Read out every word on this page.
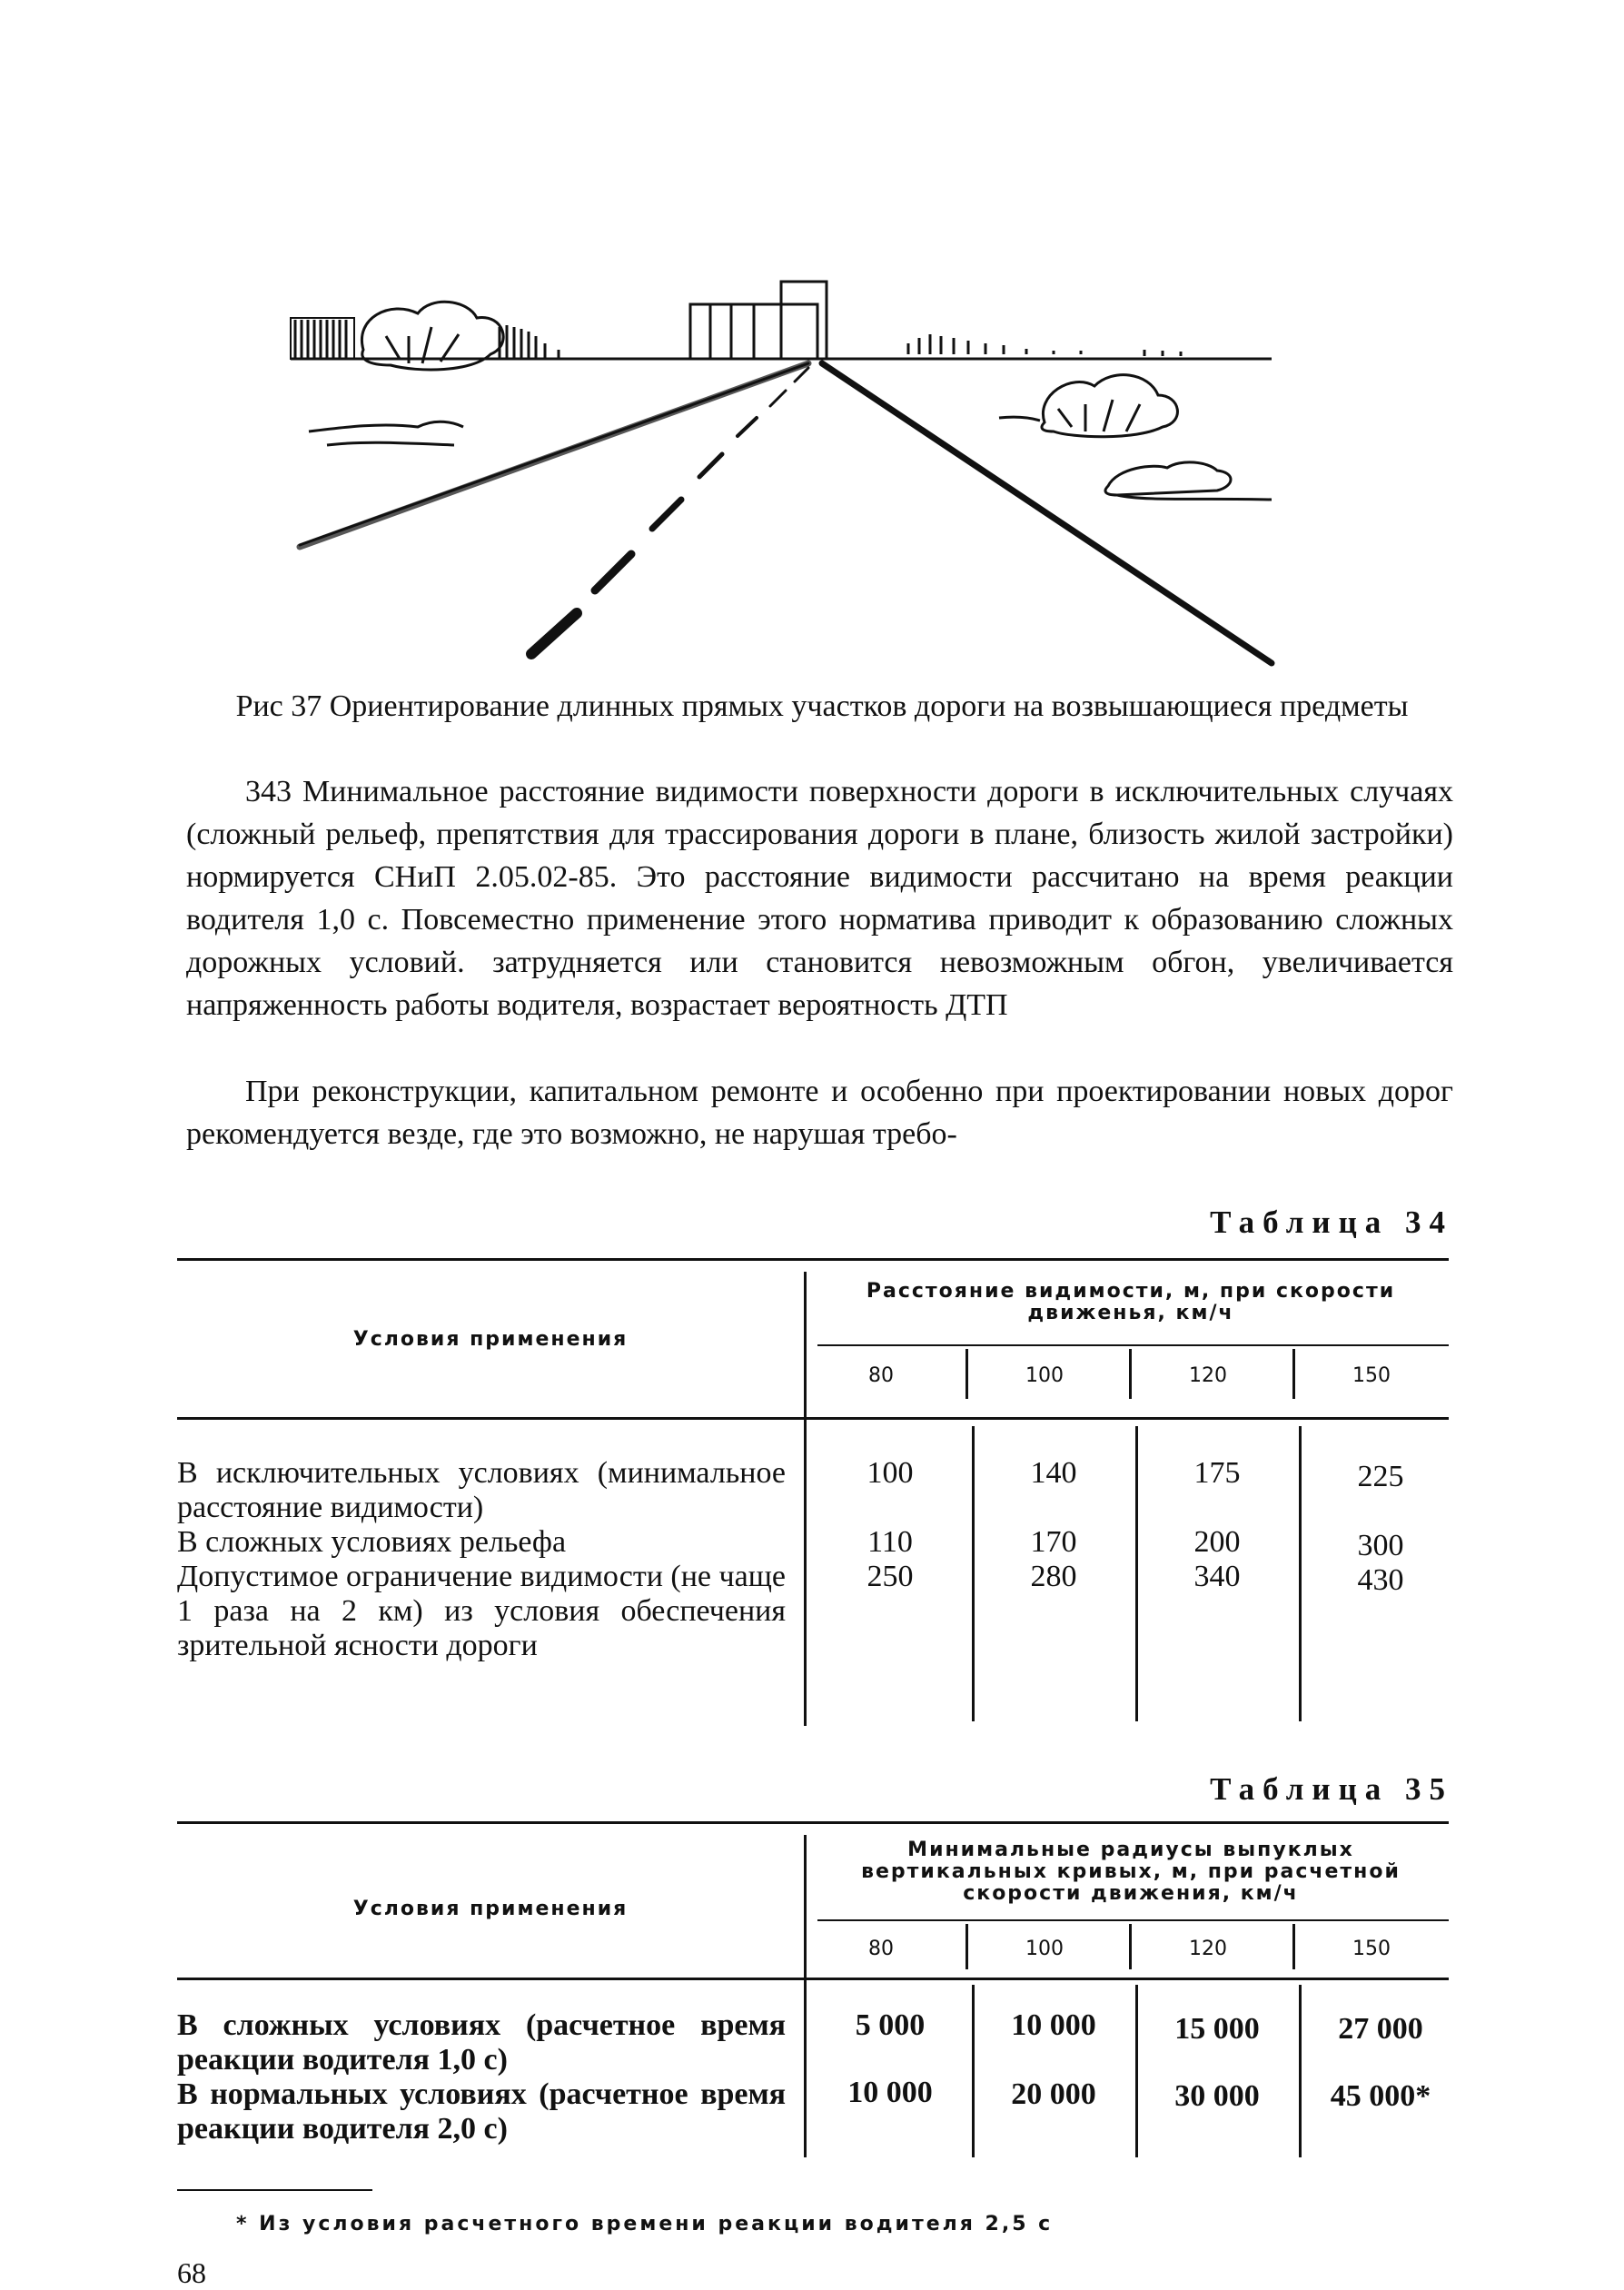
Рис 37 Ориентирование длинных прямых участков дороги на возвышающиеся предметы
343 Минимальное расстояние видимости поверхности дороги в исключительных случаях (сложный рельеф, препятствия для трассирования дороги в плане, близость жилой застройки) нормируется СНиП 2.05.02-85. Это расстояние видимости рассчитано на время реакции водителя 1,0 с. Повсеместно применение этого норматива приводит к образованию сложных дорожных условий. затрудняется или становится невозможным обгон, увеличивается напряженность работы водителя, возрастает вероятность ДТП
При реконструкции, капитальном ремонте и особенно при проектировании новых дорог рекомендуется везде, где это возможно, не нарушая требо-
Таблица 34
Условия применения
Расстояние видимости, м, при скорости движенья, км/ч
80	100	120	150
В исключительных условиях (минимальное расстояние видимости)
100	140	175	225
В сложных условиях рельефа	110	170	200	300
Допустимое ограничение видимости (не чаще 1 раза на 2 км) из условия обеспечения зрительной ясности дороги
250	280	340	430
Таблица 35
Условия применения
Минимальные радиусы выпуклых вертикальных кривых, м, при расчетной скорости движения, км/ч
80	100	120	150
В сложных условиях (расчетное время реакции водителя 1,0 с)
5 000	10 000	15 000	27 000
В нормальных условиях (расчетное время реакции водителя 2,0 с)
10 000	20 000	30 000	45 000*
* Из условия расчетного времени реакции водителя 2,5 с
68
